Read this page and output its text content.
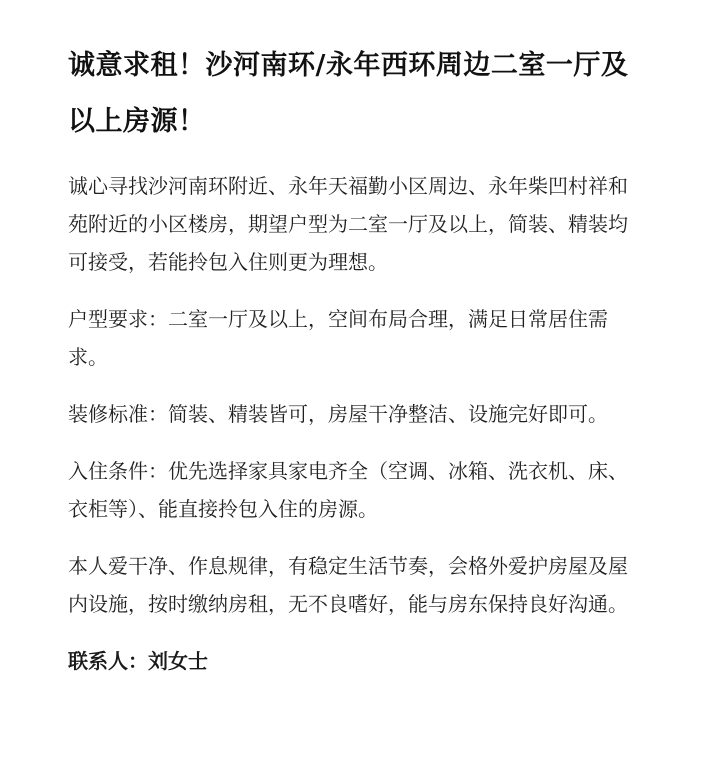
诚意求租！沙河南环/永年西环周边二室一厅及以上房源！

诚心寻找沙河南环附近、永年天福勤小区周边、永年柴凹村祥和苑附近的小区楼房，期望户型为二室一厅及以上，简装、精装均可接受，若能拎包入住则更为理想。

户型要求：二室一厅及以上，空间布局合理，满足日常居住需求。

装修标准：简装、精装皆可，房屋干净整洁、设施完好即可。

入住条件：优先选择家具家电齐全（空调、冰箱、洗衣机、床、衣柜等）、能直接拎包入住的房源。

本人爱干净、作息规律，有稳定生活节奏，会格外爱护房屋及屋内设施，按时缴纳房租，无不良嗜好，能与房东保持良好沟通。

联系人：刘女士
